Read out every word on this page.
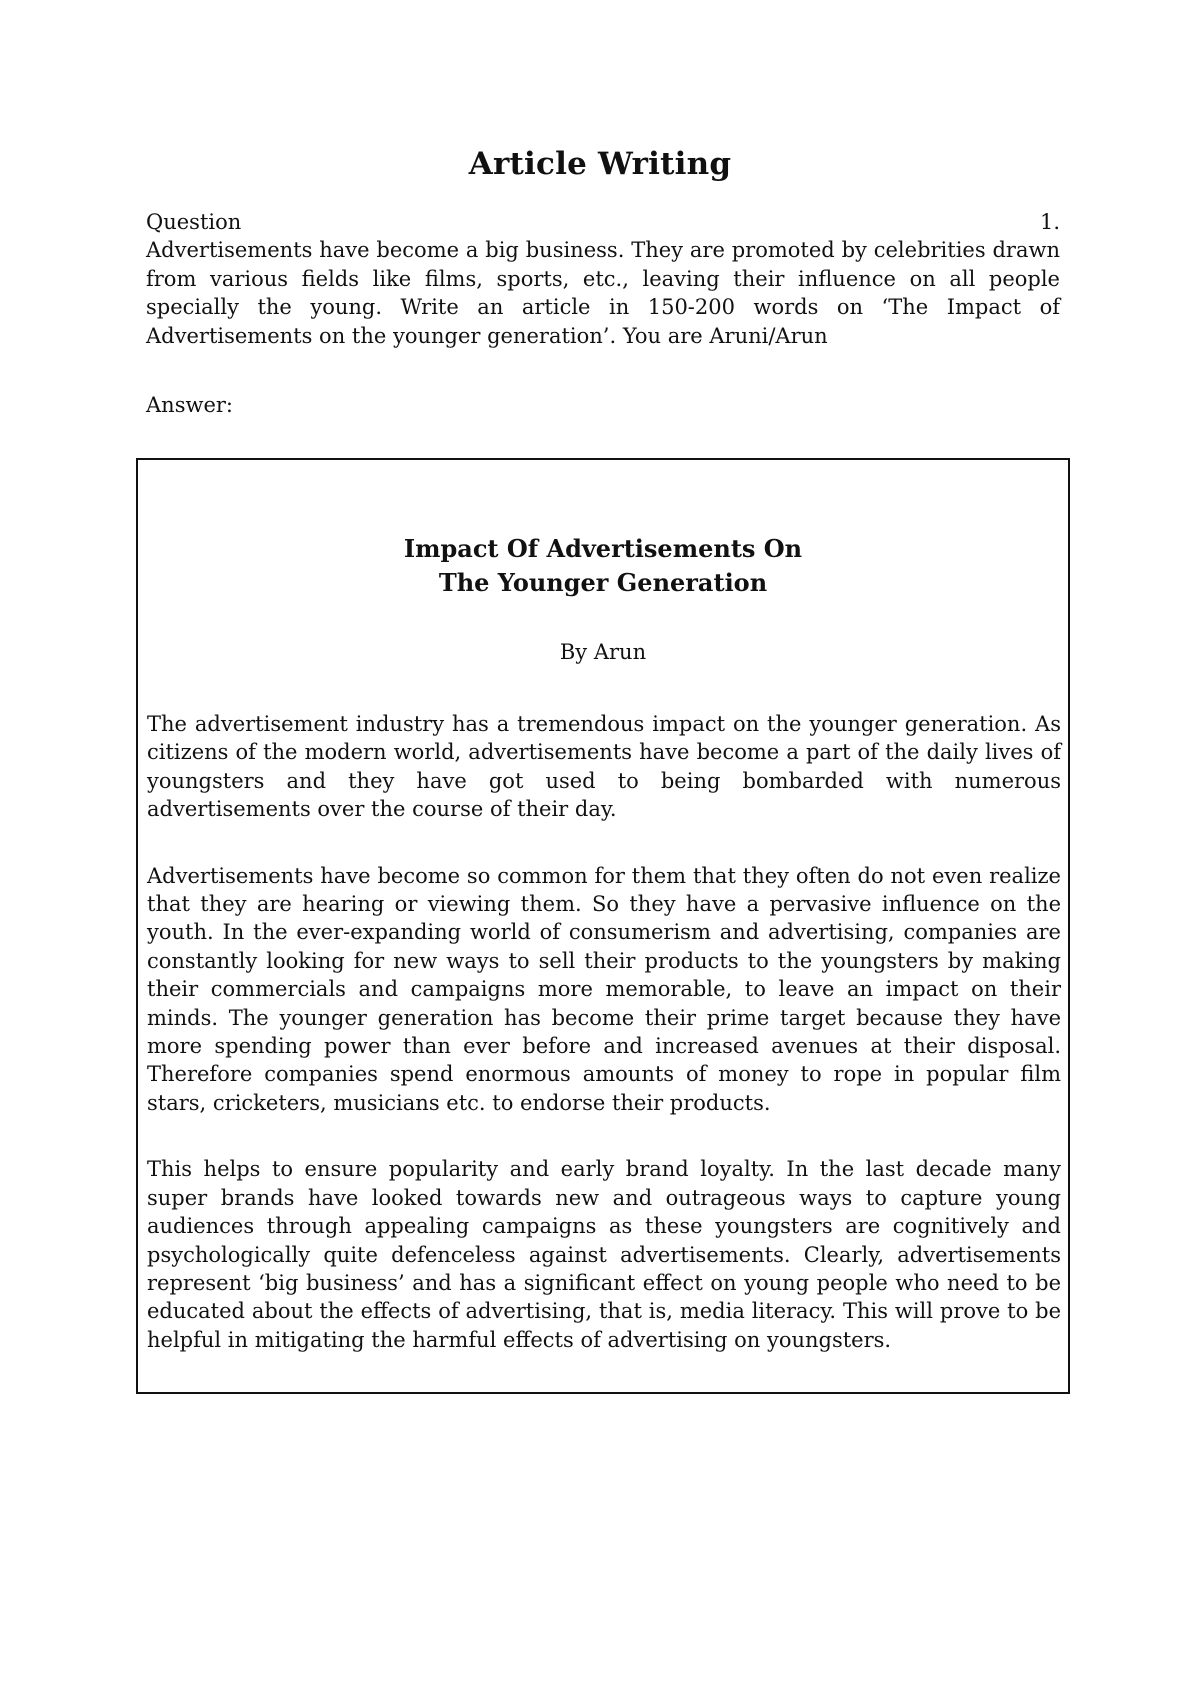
Article Writing
Question	1.
Advertisements have become a big business. They are promoted by celebrities drawn from various fields like films, sports, etc., leaving their influence on all people specially the young. Write an article in 150-200 words on ‘The Impact of Advertisements on the younger generation’. You are Aruni/Arun
Answer:
Impact Of Advertisements On
The Younger Generation
By Arun

The advertisement industry has a tremendous impact on the younger generation. As citizens of the modern world, advertisements have become a part of the daily lives of youngsters and they have got used to being bombarded with numerous advertisements over the course of their day.

Advertisements have become so common for them that they often do not even realize that they are hearing or viewing them. So they have a pervasive influence on the youth. In the ever-expanding world of consumerism and advertising, companies are constantly looking for new ways to sell their products to the youngsters by making their commercials and campaigns more memorable, to leave an impact on their minds. The younger generation has become their prime target because they have more spending power than ever before and increased avenues at their disposal. Therefore companies spend enormous amounts of money to rope in popular film stars, cricketers, musicians etc. to endorse their products.

This helps to ensure popularity and early brand loyalty. In the last decade many super brands have looked towards new and outrageous ways to capture young audiences through appealing campaigns as these youngsters are cognitively and psychologically quite defenceless against advertisements. Clearly, advertisements represent ‘big business’ and has a significant effect on young people who need to be educated about the effects of advertising, that is, media literacy. This will prove to be helpful in mitigating the harmful effects of advertising on youngsters.
